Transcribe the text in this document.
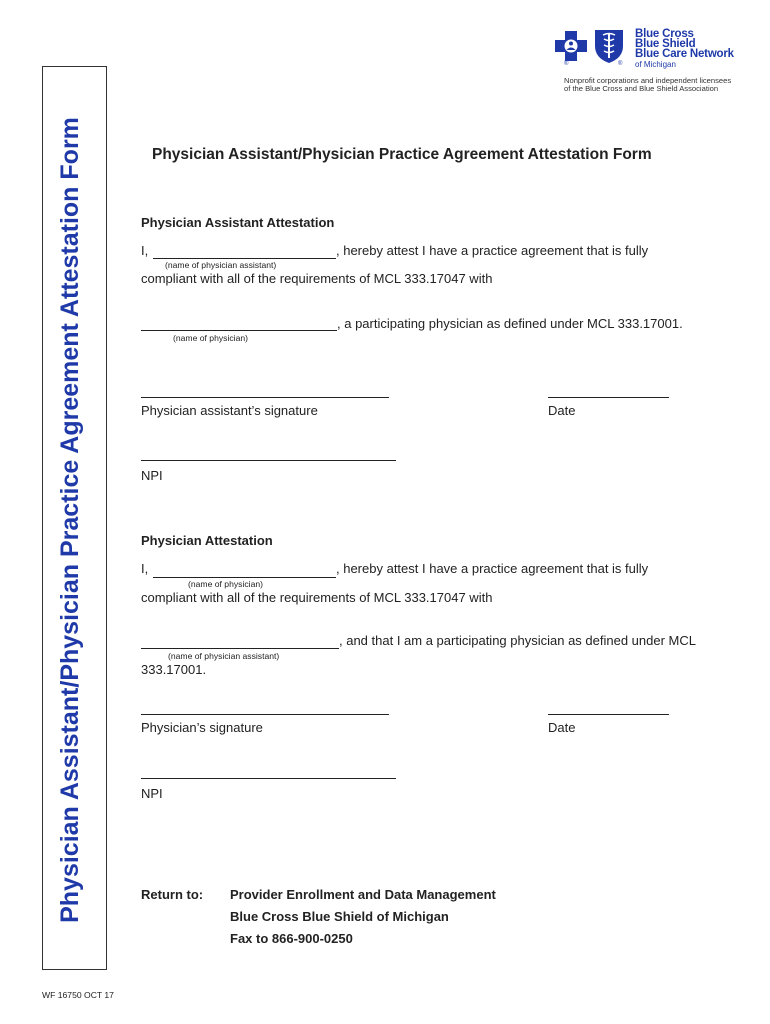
Physician Assistant/Physician Practice Agreement Attestation Form
®	®
Blue Cross
Blue Shield
Blue Care Network
of Michigan
Nonprofit corporations and independent licensees
of the Blue Cross and Blue Shield Association
Physician Assistant/Physician Practice Agreement Attestation Form
Physician Assistant Attestation
I,	, hereby attest I have a practice agreement that is fully
(name of physician assistant)
compliant with all of the requirements of MCL 333.17047 with
, a participating physician as defined under MCL 333.17001.
(name of physician)
Physician assistant’s signature	Date
NPI
Physician Attestation
I,	, hereby attest I have a practice agreement that is fully
(name of physician)
compliant with all of the requirements of MCL 333.17047 with
, and that I am a participating physician as defined under MCL
(name of physician assistant)
333.17001.
Physician’s signature	Date
NPI
Return to: Provider Enrollment and Data Management
Blue Cross Blue Shield of Michigan
Fax to 866-900-0250
WF 16750 OCT 17
